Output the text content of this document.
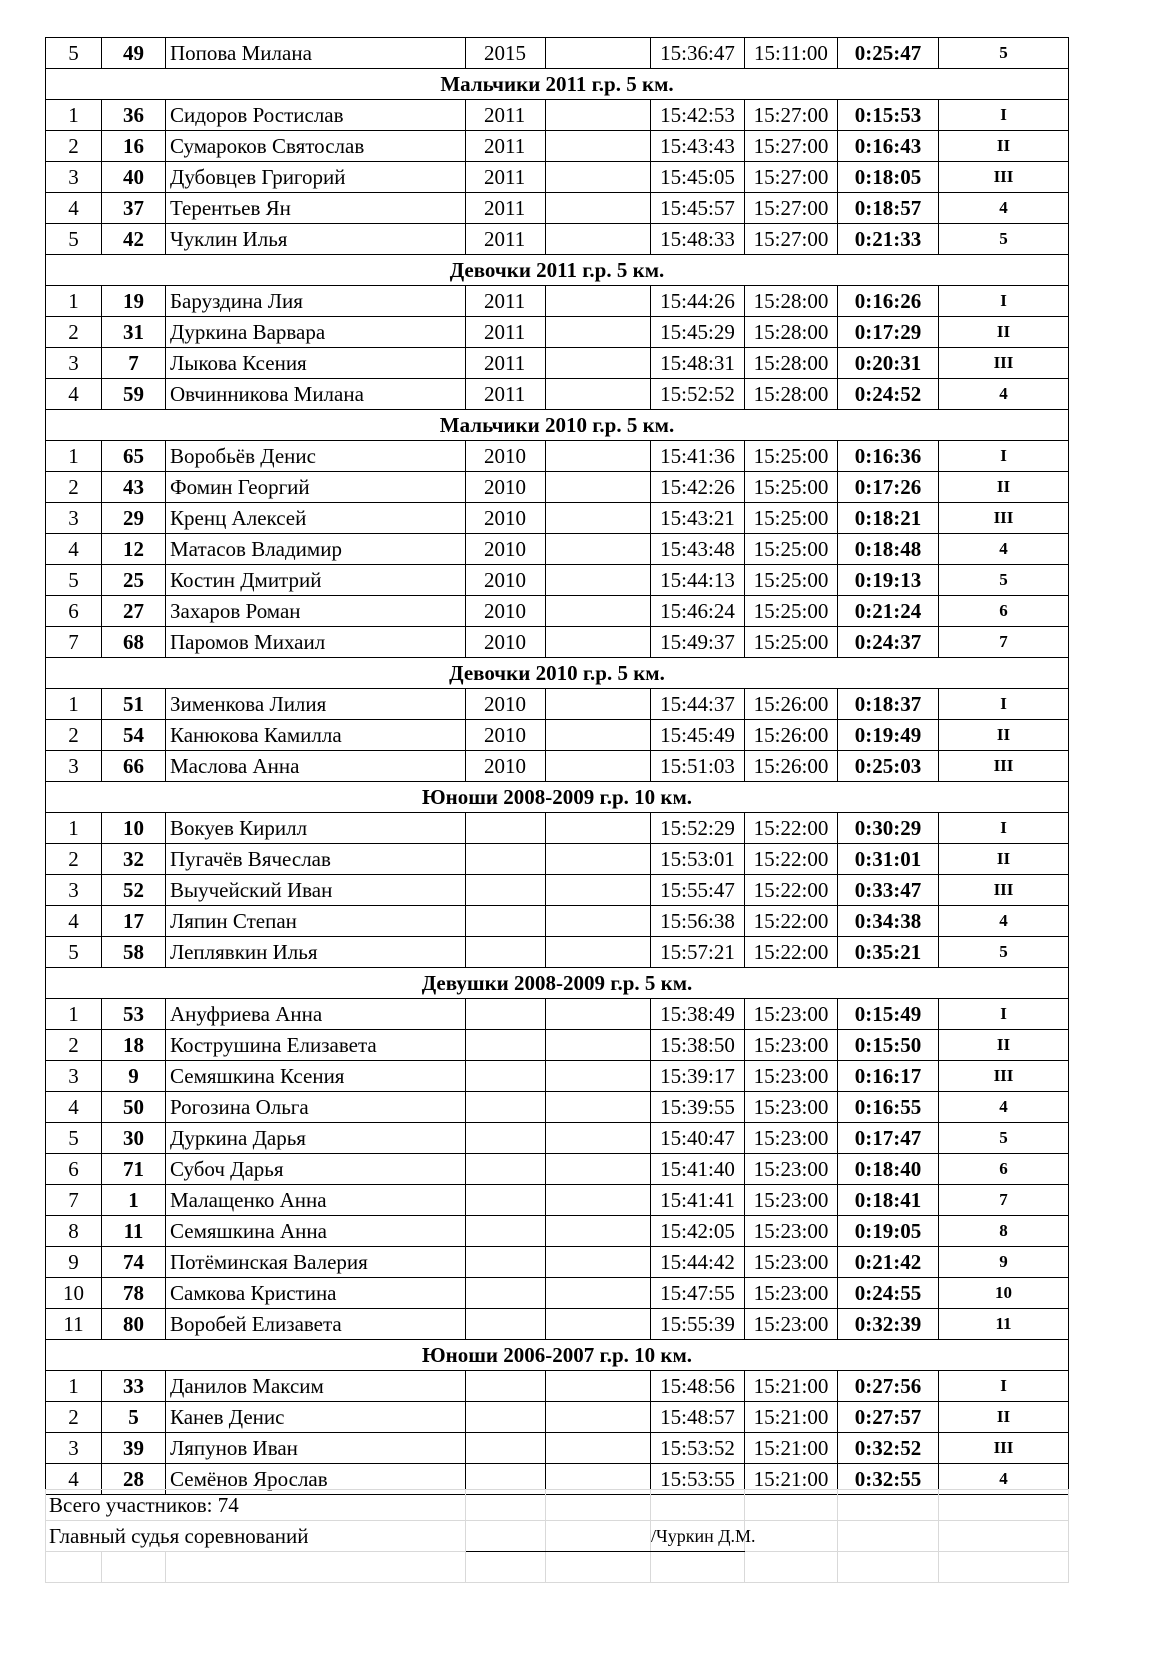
5	49	Попова Милана	2015		15:36:47	15:11:00	0:25:47	5
Мальчики 2011 г.р. 5 км.								
1	36	Сидоров Ростислав	2011		15:42:53	15:27:00	0:15:53	I
2	16	Сумароков Святослав	2011		15:43:43	15:27:00	0:16:43	II
3	40	Дубовцев Григорий	2011		15:45:05	15:27:00	0:18:05	III
4	37	Терентьев Ян	2011		15:45:57	15:27:00	0:18:57	4
5	42	Чуклин Илья	2011		15:48:33	15:27:00	0:21:33	5
Девочки 2011 г.р. 5 км.								
1	19	Баруздина Лия	2011		15:44:26	15:28:00	0:16:26	I
2	31	Дуркина Варвара	2011		15:45:29	15:28:00	0:17:29	II
3	7	Лыкова Ксения	2011		15:48:31	15:28:00	0:20:31	III
4	59	Овчинникова Милана	2011		15:52:52	15:28:00	0:24:52	4
Мальчики 2010 г.р. 5 км.								
1	65	Воробьёв Денис	2010		15:41:36	15:25:00	0:16:36	I
2	43	Фомин Георгий	2010		15:42:26	15:25:00	0:17:26	II
3	29	Кренц Алексей	2010		15:43:21	15:25:00	0:18:21	III
4	12	Матасов Владимир	2010		15:43:48	15:25:00	0:18:48	4
5	25	Костин Дмитрий	2010		15:44:13	15:25:00	0:19:13	5
6	27	Захаров Роман	2010		15:46:24	15:25:00	0:21:24	6
7	68	Паромов Михаил	2010		15:49:37	15:25:00	0:24:37	7
Девочки 2010 г.р. 5 км.								
1	51	Зименкова Лилия	2010		15:44:37	15:26:00	0:18:37	I
2	54	Канюкова Камилла	2010		15:45:49	15:26:00	0:19:49	II
3	66	Маслова Анна	2010		15:51:03	15:26:00	0:25:03	III
Юноши 2008-2009 г.р. 10 км.								
1	10	Вокуев Кирилл			15:52:29	15:22:00	0:30:29	I
2	32	Пугачёв Вячеслав			15:53:01	15:22:00	0:31:01	II
3	52	Выучейский Иван			15:55:47	15:22:00	0:33:47	III
4	17	Ляпин Степан			15:56:38	15:22:00	0:34:38	4
5	58	Леплявкин Илья			15:57:21	15:22:00	0:35:21	5
Девушки 2008-2009 г.р. 5 км.								
1	53	Ануфриева Анна			15:38:49	15:23:00	0:15:49	I
2	18	Кострушина Елизавета			15:38:50	15:23:00	0:15:50	II
3	9	Семяшкина Ксения			15:39:17	15:23:00	0:16:17	III
4	50	Рогозина Ольга			15:39:55	15:23:00	0:16:55	4
5	30	Дуркина Дарья			15:40:47	15:23:00	0:17:47	5
6	71	Субоч Дарья			15:41:40	15:23:00	0:18:40	6
7	1	Малащенко Анна			15:41:41	15:23:00	0:18:41	7
8	11	Семяшкина Анна			15:42:05	15:23:00	0:19:05	8
9	74	Потёминская Валерия			15:44:42	15:23:00	0:21:42	9
10	78	Самкова Кристина			15:47:55	15:23:00	0:24:55	10
11	80	Воробей Елизавета			15:55:39	15:23:00	0:32:39	11
Юноши 2006-2007 г.р. 10 км.								
1	33	Данилов Максим			15:48:56	15:21:00	0:27:56	I
2	5	Канев Денис			15:48:57	15:21:00	0:27:57	II
3	39	Ляпунов Иван			15:53:52	15:21:00	0:32:52	III
4	28	Семёнов Ярослав			15:53:55	15:21:00	0:32:55	4
Всего участников: 74								
Главный судья соревнований					/Чуркин Д.М.			
